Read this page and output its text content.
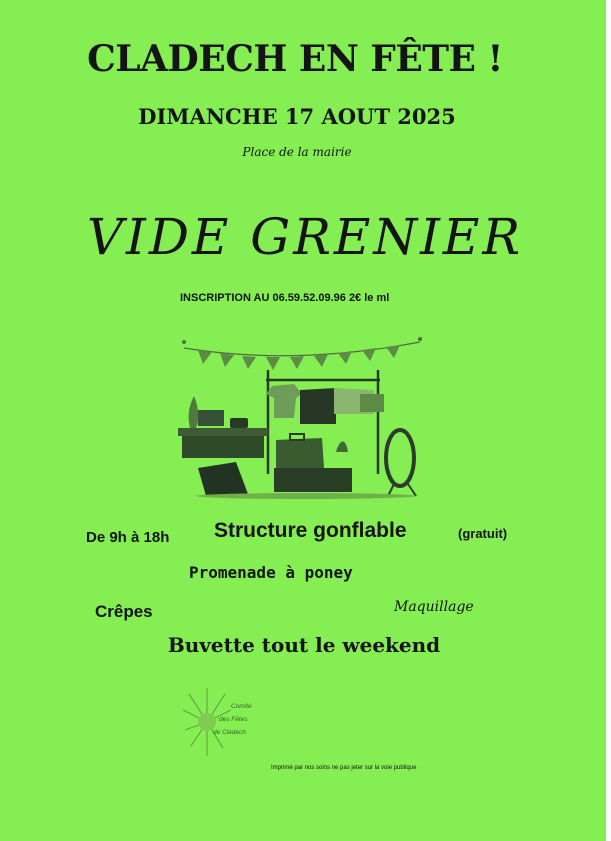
CLADECH EN FÊTE !
DIMANCHE 17 AOUT 2025
Place de la mairie
VIDE GRENIER
INSCRIPTION AU 06.59.52.09.96 2€ le ml
De 9h à 18h Structure gonflable	(gratuit)
Promenade à poney
Crêpes	Maquillage
Buvette tout le weekend
Comité
des Fêtes
de Cladech
Imprimé par nos soins ne pas jeter sur la voie publique
